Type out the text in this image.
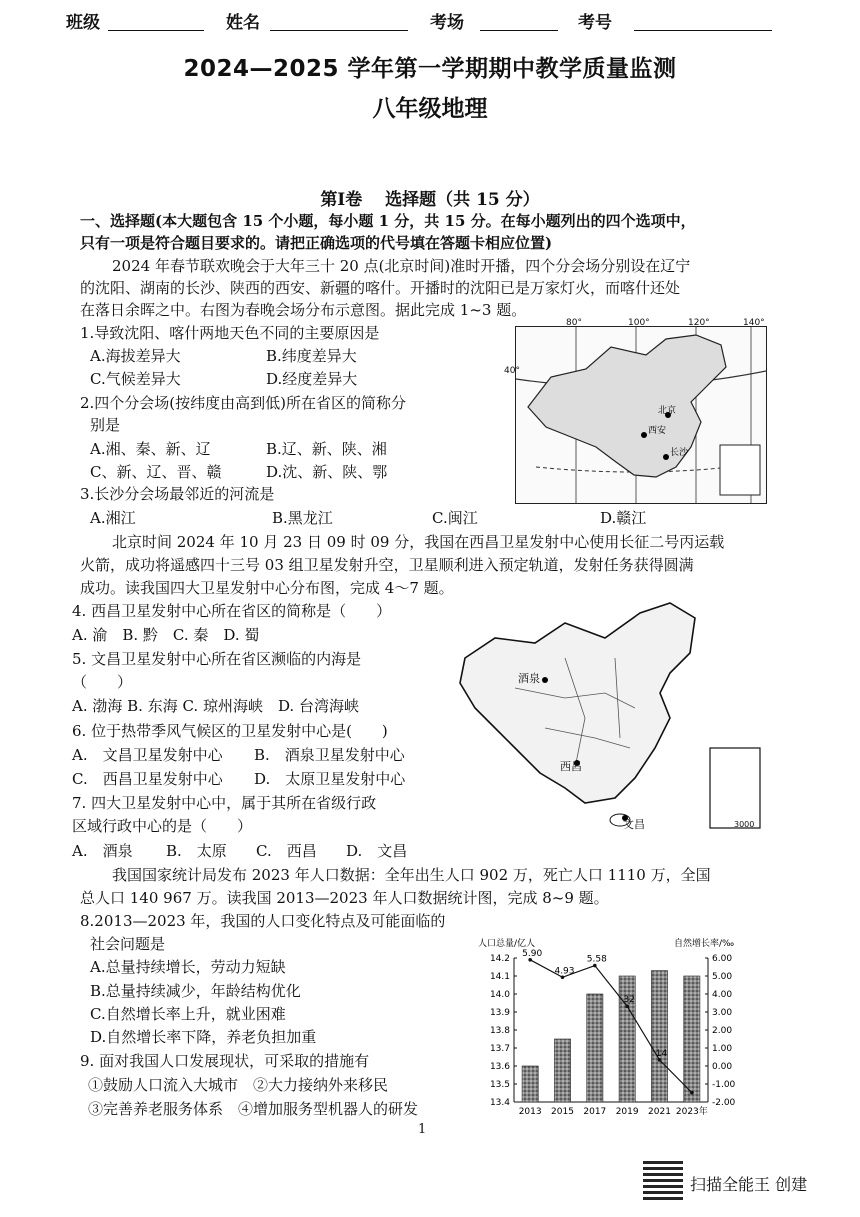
班级	姓名	考场	考号
2024—2025 学年第一学期期中教学质量监测
八年级地理
第Ⅰ卷　 选择题（共 15 分）
一、选择题(本大题包含 15 个小题，每小题 1 分，共 15 分。在每小题列出的四个选项中，
只有一项是符合题目要求的。请把正确选项的代号填在答题卡相应位置)
2024 年春节联欢晚会于大年三十 20 点(北京时间)准时开播，四个分会场分别设在辽宁
的沈阳、湖南的长沙、陕西的西安、新疆的喀什。开播时的沈阳已是万家灯火，而喀什还处
在落日余晖之中。右图为春晚会场分布示意图。据此完成 1~3 题。
1.导致沈阳、喀什两地天色不同的主要原因是
A.海拔差异大	B.纬度差异大
C.气候差异大	D.经度差异大
2.四个分会场(按纬度由高到低)所在省区的简称分
别是
A.湘、秦、新、辽	B.辽、新、陕、湘
C、新、辽、晋、赣	D.沈、新、陕、鄂
3.长沙分会场最邻近的河流是
A.湘江	B.黑龙江	C.闽江	D.赣江
北京
西安
长沙
80°	100°	120°	140°
40°
北京时间 2024 年 10 月 23 日 09 时 09 分，我国在西昌卫星发射中心使用长征二号丙运载
火箭，成功将遥感四十三号 03 组卫星发射升空，卫星顺利进入预定轨道，发射任务获得圆满
成功。读我国四大卫星发射中心分布图，完成 4～7 题。
4. 西昌卫星发射中心所在省区的简称是（　　）
A. 渝　B. 黔　C. 秦　D. 蜀
5. 文昌卫星发射中心所在省区濒临的内海是
（　　）
A. 渤海 B. 东海 C. 琼州海峡　D. 台湾海峡
6. 位于热带季风气候区的卫星发射中心是(　　)
A.　文昌卫星发射中心 B.　酒泉卫星发射中心
C.　西昌卫星发射中心 D.　太原卫星发射中心
7. 四大卫星发射中心中，属于其所在省级行政
区域行政中心的是（　　）
A.　酒泉 B.　太原 C.　西昌 D.　文昌
酒泉
西昌
文昌	3000
我国国家统计局发布 2023 年人口数据：全年出生人口 902 万，死亡人口 1110 万，全国
总人口 140 967 万。读我国 2013—2023 年人口数据统计图，完成 8~9 题。
8.2013—2023 年，我国的人口变化特点及可能面临的
社会问题是
A.总量持续增长，劳动力短缺
B.总量持续减少，年龄结构优化
C.自然增长率上升，就业困难
D.自然增长率下降，养老负担加重
9. 面对我国人口发展现状，可采取的措施有
①鼓励人口流入大城市　②大力接纳外来移民
③完善养老服务体系　④增加服务型机器人的研发
人口总量/亿人	自然增长率/‰
14.2
14.1
14.0
13.9
13.8
13.7
13.6
13.5
13.4
6.00
5.00
4.00
3.00
2.00
1.00
0.00
-1.00
-2.00
2013 2015 2017 2019 2021 2023年
5.90
4.93
5.58
32
14
1
扫描全能王 创建
